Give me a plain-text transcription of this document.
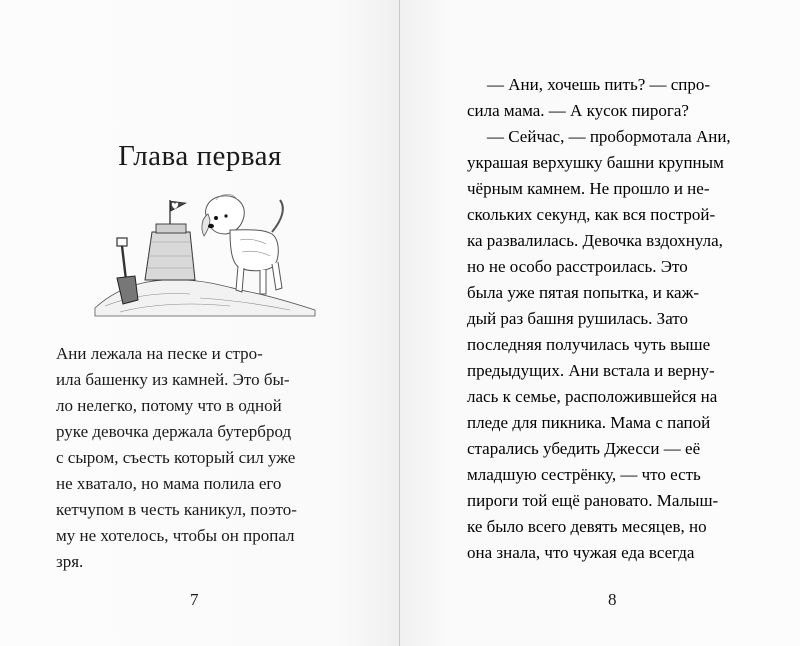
Глава первая
Ани лежала на песке и стро-
ила башенку из камней. Это бы-
ло нелегко, потому что в одной
руке девочка держала бутерброд
с сыром, съесть который сил уже
не хватало, но мама полила его
кетчупом в честь каникул, поэто-
му не хотелось, чтобы он пропал
зря.
7	8
— Ани, хочешь пить? — спро-
сила мама. — А кусок пирога?
— Сейчас, — пробормотала Ани,
украшая верхушку башни крупным
чёрным камнем. Не прошло и не-
скольких секунд, как вся построй-
ка развалилась. Девочка вздохнула,
но не особо расстроилась. Это
была уже пятая попытка, и каж-
дый раз башня рушилась. Зато
последняя получилась чуть выше
предыдущих. Ани встала и верну-
лась к семье, расположившейся на
пледе для пикника. Мама с папой
старались убедить Джесси — её
младшую сестрёнку, — что есть
пироги той ещё рановато. Малыш-
ке было всего девять месяцев, но
она знала, что чужая еда всегда
